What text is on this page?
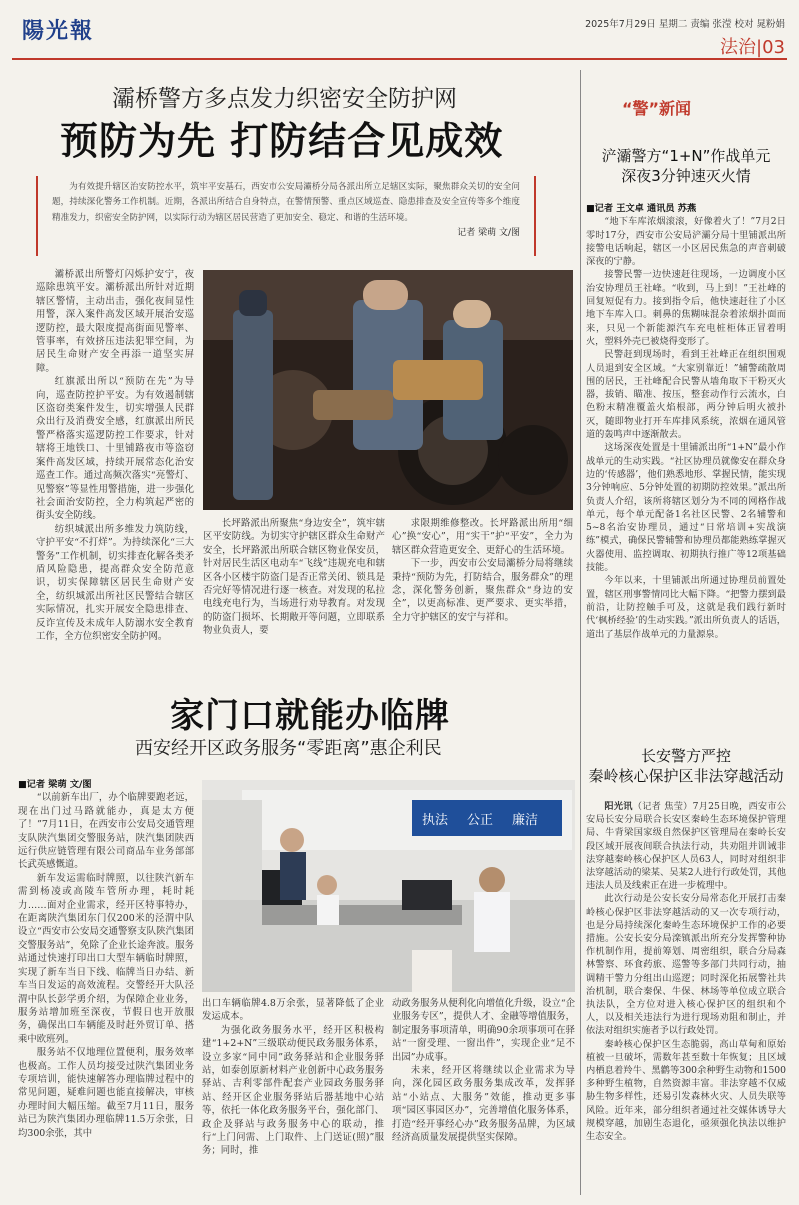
陽光報	2025年7月29日 星期二 责编 张滢 校对 晁粉娟
法治|03
灞桥警方多点发力织密安全防护网
预防为先 打防结合见成效
为有效提升辖区治安防控水平，筑牢平安基石，西安市公安局灞桥分局各派出所立足辖区实际，聚焦群众关切的安全问题，持续深化警务工作机制。近期，各派出所结合自身特点，在警情预警、重点区域巡查、隐患排查及安全宣传等多个维度精准发力，织密安全防护网，以实际行动为辖区居民营造了更加安全、稳定、和谐的生活环境。
记者 梁萌 文/图

灞桥派出所警灯闪烁护安宁，夜巡除患筑平安。灞桥派出所针对近期辖区警情，主动出击，强化夜间显性用警，深入案件高发区域开展治安巡逻防控，最大限度提高街面见警率、管事率，有效挤压违法犯罪空间，为居民生命财产安全再添一道坚实屏障。

红旗派出所以“预防在先”为导向，巡查防控护平安。为有效遏制辖区盗窃类案件发生，切实增强人民群众出行及消费安全感，红旗派出所民警严格落实巡逻防控工作要求，针对辖将王地铁口、十里铺路夜市等盗窃案件高发区域，持续开展常态化治安巡查工作。通过高频次落实“亮警灯、见警察”等显性用警措施，进一步强化社会面治安防控，全力构筑起严密的街头安全防线。

纺织城派出所多维发力筑防线，守护平安“不打烊”。为持续深化“三大警务”工作机制，切实排查化解各类矛盾风险隐患，提高群众安全防范意识，切实保障辖区居民生命财产安全，纺织城派出所社区民警结合辖区实际情况，扎实开展安全隐患排查、反诈宣传及未成年人防溺水安全教育工作，全方位织密安全防护网。

长坪路派出所聚焦“身边安全”，筑牢辖区平安防线。为切实守护辖区群众生命财产安全，长坪路派出所联合辖区物业保安员，针对居民生活区电动车“飞线”违规充电和辖区各小区楼宇防盗门是否正常关闭、锁具是否完好等情况进行逐一核查。对发现的私拉电线充电行为，当场进行劝导教育。对发现的防盗门损坏、长期敞开等问题，立即联系物业负责人，要

求限期维修整改。长坪路派出所用“细心”换“安心”，用“实干”护“平安”，全力为辖区群众营造更安全、更舒心的生活环境。

下一步，西安市公安局灞桥分局将继续秉持“预防为先，打防结合，服务群众”的理念，深化警务创新，聚焦群众“身边的安全”，以更高标准、更严要求、更实举措，全力守护辖区的安宁与祥和。

家门口就能办临牌
西安经开区政务服务“零距离”惠企利民
■记者 梁萌 文/图

“以前新车出厂，办个临牌要跑老远，现在出门过马路就能办，真是太方便了！”7月11日，在西安市公安局交通管理支队陕汽集团交警服务站，陕汽集团陕西远行供应链管理有限公司商品车业务部部长武英感慨道。

新车发运需临时牌照，以往陕汽新车需到杨凌或高陵车管所办理，耗时耗力……面对企业需求，经开区特事特办，在距离陕汽集团东门仅200米的泾渭中队设立“西安市公安局交通警察支队陕汽集团交警服务站”，免除了企业长途奔波。服务站通过快速打印出口大型车辆临时牌照，实现了新车当日下线、临牌当日办结、新车当日发运的高效流程。交警经开大队泾渭中队长彭学勇介绍，为保障企业业务，服务站增加班至深夜，节假日也开放服务，确保出口车辆能及时赶外贸订单、搭乘中欧班列。

服务站不仅地理位置便利，服务效率也极高。工作人员均接受过陕汽集团业务专项培训，能快速解答办理临牌过程中的常见问题，疑难问题也能直接解决，审核办理时间大幅压缩。截至7月11日，服务站已为陕汽集团办理临牌11.5万余张，日均300余张，其中

执法 公正 廉洁

出口车辆临牌4.8万余张，显著降低了企业发运成本。

为强化政务服务水平，经开区积极构建“1+2+N”三级联动便民政务服务体系，设立多家“同中同”政务驿站和企业服务驿站，如泰创原新材料产业创新中心政务服务驿站、吉利零部件配套产业园政务服务驿站、经开区企业服务驿站后器基地中心站等，依托一体化政务服务平台，强化部门、政企及驿站与政务服务中心的联动，推行“上门问需、上门取件、上门送证(照)”服务；同时，推

动政务服务从便利化向增值化升级，设立“企业服务专区”，提供人才、金融等增值服务，制定服务事项清单，明确90余项事项可在驿站“一窗受理、一窗出件”，实现企业“足不出园”办成事。

未来，经开区将继续以企业需求为导向，深化园区政务服务集成改革，发挥驿站“小站点、大服务”效能，推动更多事项“园区事园区办”，完善增值化服务体系，打造“经开事经心办”政务服务品牌，为区域经济高质量发展提供坚实保障。

“警”新闻
浐灞警方“1+N”作战单元
深夜3分钟速灭火情
■记者 王文卓 通讯员 苏燕

“地下车库浓烟滚滚，好像着火了！”7月2日零时17分，西安市公安局浐灞分局十里铺派出所接警电话响起，辖区一小区居民焦急的声音刺破深夜的宁静。

接警民警一边快速赶往现场，一边调度小区治安协理员王社峰。“收到，马上到！”王社峰的回复短促有力。接到指令后，他快速赶往了小区地下车库入口。刺鼻的焦糊味混杂着浓烟扑面而来，只见一个新能源汽车充电桩柜体正冒着明火，塑料外壳已被烧得变形了。

民警赶到现场时，看到王社峰正在组织围观人员退到安全区域。“大家别靠近！”辅警疏散周围的居民，王社峰配合民警从墙角取下干粉灭火器，拔销、瞄准、按压，整套动作行云流水，白色粉末精准覆盖火焰根部，两分钟后明火被扑灭，随即物业打开车库排风系统，浓烟在通风管道的轰鸣声中逐渐散去。

这场深夜处置是十里铺派出所“1+N”最小作战单元的生动实践。“社区协理员就像安在群众身边的‘传感器’，他们熟悉地形、掌握民情，能实现3分钟响应、5分钟处置的初期防控效果。”派出所负责人介绍，该所将辖区划分为不同的网格作战单元，每个单元配备1名社区民警、2名辅警和5~8名治安协理员，通过“日常培训+实战演练”模式，确保民警辅警和协理员都能熟练掌握灭火器使用、监控调取、初期执行推广等12项基础技能。

今年以来，十里铺派出所通过协理员前置处置，辖区刑事警情同比大幅下降。“把警力摆到最前沿，让防控触手可及，这就是我们践行新时代‘枫桥经验’的生动实践。”派出所负责人的话语，道出了基层作战单元的力量源泉。

长安警方严控
秦岭核心保护区非法穿越活动

阳光讯（记者 焦莹）7月25日晚，西安市公安局长安分局联合长安区秦岭生态环境保护管理局、牛背梁国家级自然保护区管理局在秦岭长安段区域开展夜间联合执法行动，共劝阻并训诫非法穿越秦岭核心保护区人员63人，同时对组织非法穿越活动的梁某、吴某2人进行行政处罚，其他违法人员及线索正在进一步梳理中。

此次行动是公安长安分局常态化开展打击秦岭核心保护区非法穿越活动的又一次专项行动，也是分局持续深化秦岭生态环境保护工作的必要措施。公安长安分局滦镇派出所充分发挥警种协作机制作用，提前筹划、周密组织，联合分局森林警察、环食药旅、巡警等多部门共同行动，抽调精干警力分组出山巡逻；同时深化拓展警社共治机制，联合秦保、牛保、林场等单位成立联合执法队，全方位对进入核心保护区的组织和个人，以及相关违法行为进行现场劝阻和制止，并依法对组织实施者予以行政处罚。

秦岭核心保护区生态脆弱，高山草甸和原始植被一旦破坏，需数年甚至数十年恢复；且区域内栖息着羚牛、黑鹳等300余种野生动物和1500多种野生植物，自然资源丰富。非法穿越不仅威胁生物多样性，还易引发森林火灾、人员失联等风险。近年来，部分组织者通过社交媒体诱导大规模穿越，加剧生态退化，亟须强化执法以维护生态安全。
